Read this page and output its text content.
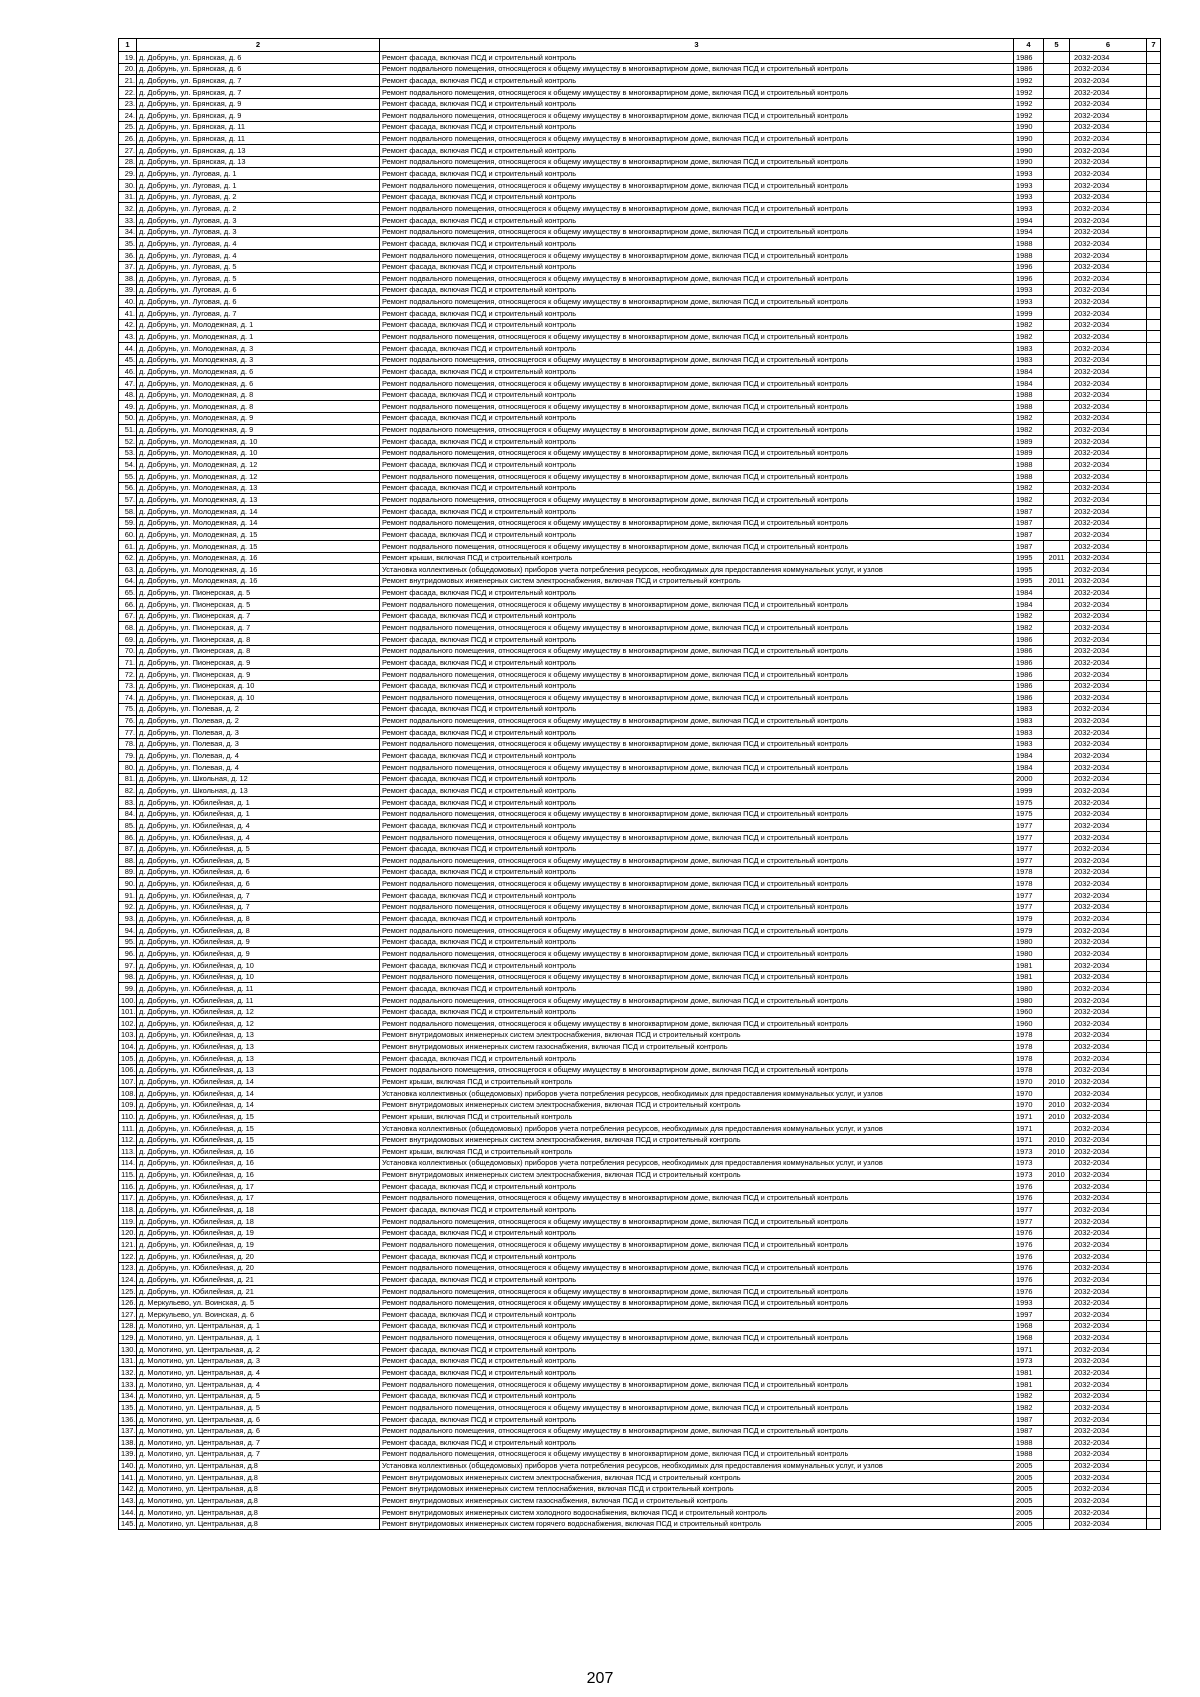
1	2	3	4	5	6	7
19.	д. Добрунь, ул. Брянская, д. 6	Ремонт фасада, включая ПСД и строительный контроль	1986		2032-2034	
20.	д. Добрунь, ул. Брянская, д. 6	Ремонт подвального помещения, относящегося к общему имуществу в многоквартирном доме, включая ПСД и строительный контроль	1986		2032-2034	
21.	д. Добрунь, ул. Брянская, д. 7	Ремонт фасада, включая ПСД и строительный контроль	1992		2032-2034	
22.	д. Добрунь, ул. Брянская, д. 7	Ремонт подвального помещения, относящегося к общему имуществу в многоквартирном доме, включая ПСД и строительный контроль	1992		2032-2034	
23.	д. Добрунь, ул. Брянская, д. 9	Ремонт фасада, включая ПСД и строительный контроль	1992		2032-2034	
24.	д. Добрунь, ул. Брянская, д. 9	Ремонт подвального помещения, относящегося к общему имуществу в многоквартирном доме, включая ПСД и строительный контроль	1992		2032-2034	
25.	д. Добрунь, ул. Брянская, д. 11	Ремонт фасада, включая ПСД и строительный контроль	1990		2032-2034	
26.	д. Добрунь, ул. Брянская, д. 11	Ремонт подвального помещения, относящегося к общему имуществу в многоквартирном доме, включая ПСД и строительный контроль	1990		2032-2034	
27.	д. Добрунь, ул. Брянская, д. 13	Ремонт фасада, включая ПСД и строительный контроль	1990		2032-2034	
28.	д. Добрунь, ул. Брянская, д. 13	Ремонт подвального помещения, относящегося к общему имуществу в многоквартирном доме, включая ПСД и строительный контроль	1990		2032-2034	
29.	д. Добрунь, ул. Луговая, д. 1	Ремонт фасада, включая ПСД и строительный контроль	1993		2032-2034	
30.	д. Добрунь, ул. Луговая, д. 1	Ремонт подвального помещения, относящегося к общему имуществу в многоквартирном доме, включая ПСД и строительный контроль	1993		2032-2034	
31.	д. Добрунь, ул. Луговая, д. 2	Ремонт фасада, включая ПСД и строительный контроль	1993		2032-2034	
32.	д. Добрунь, ул. Луговая, д. 2	Ремонт подвального помещения, относящегося к общему имуществу в многоквартирном доме, включая ПСД и строительный контроль	1993		2032-2034	
33.	д. Добрунь, ул. Луговая, д. 3	Ремонт фасада, включая ПСД и строительный контроль	1994		2032-2034	
34.	д. Добрунь, ул. Луговая, д. 3	Ремонт подвального помещения, относящегося к общему имуществу в многоквартирном доме, включая ПСД и строительный контроль	1994		2032-2034	
35.	д. Добрунь, ул. Луговая, д. 4	Ремонт фасада, включая ПСД и строительный контроль	1988		2032-2034	
36.	д. Добрунь, ул. Луговая, д. 4	Ремонт подвального помещения, относящегося к общему имуществу в многоквартирном доме, включая ПСД и строительный контроль	1988		2032-2034	
37.	д. Добрунь, ул. Луговая, д. 5	Ремонт фасада, включая ПСД и строительный контроль	1996		2032-2034	
38.	д. Добрунь, ул. Луговая, д. 5	Ремонт подвального помещения, относящегося к общему имуществу в многоквартирном доме, включая ПСД и строительный контроль	1996		2032-2034	
39.	д. Добрунь, ул. Луговая, д. 6	Ремонт фасада, включая ПСД и строительный контроль	1993		2032-2034	
40.	д. Добрунь, ул. Луговая, д. 6	Ремонт подвального помещения, относящегося к общему имуществу в многоквартирном доме, включая ПСД и строительный контроль	1993		2032-2034	
41.	д. Добрунь, ул. Луговая, д. 7	Ремонт фасада, включая ПСД и строительный контроль	1999		2032-2034	
42.	д. Добрунь, ул. Молодежная, д. 1	Ремонт фасада, включая ПСД и строительный контроль	1982		2032-2034	
43.	д. Добрунь, ул. Молодежная, д. 1	Ремонт подвального помещения, относящегося к общему имуществу в многоквартирном доме, включая ПСД и строительный контроль	1982		2032-2034	
44.	д. Добрунь, ул. Молодежная, д. 3	Ремонт фасада, включая ПСД и строительный контроль	1983		2032-2034	
45.	д. Добрунь, ул. Молодежная, д. 3	Ремонт подвального помещения, относящегося к общему имуществу в многоквартирном доме, включая ПСД и строительный контроль	1983		2032-2034	
46.	д. Добрунь, ул. Молодежная, д. 6	Ремонт фасада, включая ПСД и строительный контроль	1984		2032-2034	
47.	д. Добрунь, ул. Молодежная, д. 6	Ремонт подвального помещения, относящегося к общему имуществу в многоквартирном доме, включая ПСД и строительный контроль	1984		2032-2034	
48.	д. Добрунь, ул. Молодежная, д. 8	Ремонт фасада, включая ПСД и строительный контроль	1988		2032-2034	
49.	д. Добрунь, ул. Молодежная, д. 8	Ремонт подвального помещения, относящегося к общему имуществу в многоквартирном доме, включая ПСД и строительный контроль	1988		2032-2034	
50.	д. Добрунь, ул. Молодежная, д. 9	Ремонт фасада, включая ПСД и строительный контроль	1982		2032-2034	
51.	д. Добрунь, ул. Молодежная, д. 9	Ремонт подвального помещения, относящегося к общему имуществу в многоквартирном доме, включая ПСД и строительный контроль	1982		2032-2034	
52.	д. Добрунь, ул. Молодежная, д. 10	Ремонт фасада, включая ПСД и строительный контроль	1989		2032-2034	
53.	д. Добрунь, ул. Молодежная, д. 10	Ремонт подвального помещения, относящегося к общему имуществу в многоквартирном доме, включая ПСД и строительный контроль	1989		2032-2034	
54.	д. Добрунь, ул. Молодежная, д. 12	Ремонт фасада, включая ПСД и строительный контроль	1988		2032-2034	
55.	д. Добрунь, ул. Молодежная, д. 12	Ремонт подвального помещения, относящегося к общему имуществу в многоквартирном доме, включая ПСД и строительный контроль	1988		2032-2034	
56.	д. Добрунь, ул. Молодежная, д. 13	Ремонт фасада, включая ПСД и строительный контроль	1982		2032-2034	
57.	д. Добрунь, ул. Молодежная, д. 13	Ремонт подвального помещения, относящегося к общему имуществу в многоквартирном доме, включая ПСД и строительный контроль	1982		2032-2034	
58.	д. Добрунь, ул. Молодежная, д. 14	Ремонт фасада, включая ПСД и строительный контроль	1987		2032-2034	
59.	д. Добрунь, ул. Молодежная, д. 14	Ремонт подвального помещения, относящегося к общему имуществу в многоквартирном доме, включая ПСД и строительный контроль	1987		2032-2034	
60.	д. Добрунь, ул. Молодежная, д. 15	Ремонт фасада, включая ПСД и строительный контроль	1987		2032-2034	
61.	д. Добрунь, ул. Молодежная, д. 15	Ремонт подвального помещения, относящегося к общему имуществу в многоквартирном доме, включая ПСД и строительный контроль	1987		2032-2034	
62.	д. Добрунь, ул. Молодежная, д. 16	Ремонт крыши, включая ПСД и строительный контроль	1995	2011	2032-2034	
63.	д. Добрунь, ул. Молодежная, д. 16	Установка коллективных (общедомовых) приборов учета потребления ресурсов, необходимых для предоставления коммунальных услуг, и узлов	1995		2032-2034	
64.	д. Добрунь, ул. Молодежная, д. 16	Ремонт внутридомовых инженерных систем электроснабжения, включая ПСД и строительный контроль	1995	2011	2032-2034	
65.	д. Добрунь, ул. Пионерская, д. 5	Ремонт фасада, включая ПСД и строительный контроль	1984		2032-2034	
66.	д. Добрунь, ул. Пионерская, д. 5	Ремонт подвального помещения, относящегося к общему имуществу в многоквартирном доме, включая ПСД и строительный контроль	1984		2032-2034	
67.	д. Добрунь, ул. Пионерская, д. 7	Ремонт фасада, включая ПСД и строительный контроль	1982		2032-2034	
68.	д. Добрунь, ул. Пионерская, д. 7	Ремонт подвального помещения, относящегося к общему имуществу в многоквартирном доме, включая ПСД и строительный контроль	1982		2032-2034	
69.	д. Добрунь, ул. Пионерская, д. 8	Ремонт фасада, включая ПСД и строительный контроль	1986		2032-2034	
70.	д. Добрунь, ул. Пионерская, д. 8	Ремонт подвального помещения, относящегося к общему имуществу в многоквартирном доме, включая ПСД и строительный контроль	1986		2032-2034	
71.	д. Добрунь, ул. Пионерская, д. 9	Ремонт фасада, включая ПСД и строительный контроль	1986		2032-2034	
72.	д. Добрунь, ул. Пионерская, д. 9	Ремонт подвального помещения, относящегося к общему имуществу в многоквартирном доме, включая ПСД и строительный контроль	1986		2032-2034	
73.	д. Добрунь, ул. Пионерская, д. 10	Ремонт фасада, включая ПСД и строительный контроль	1986		2032-2034	
74.	д. Добрунь, ул. Пионерская, д. 10	Ремонт подвального помещения, относящегося к общему имуществу в многоквартирном доме, включая ПСД и строительный контроль	1986		2032-2034	
75.	д. Добрунь, ул. Полевая, д. 2	Ремонт фасада, включая ПСД и строительный контроль	1983		2032-2034	
76.	д. Добрунь, ул. Полевая, д. 2	Ремонт подвального помещения, относящегося к общему имуществу в многоквартирном доме, включая ПСД и строительный контроль	1983		2032-2034	
77.	д. Добрунь, ул. Полевая, д. 3	Ремонт фасада, включая ПСД и строительный контроль	1983		2032-2034	
78.	д. Добрунь, ул. Полевая, д. 3	Ремонт подвального помещения, относящегося к общему имуществу в многоквартирном доме, включая ПСД и строительный контроль	1983		2032-2034	
79.	д. Добрунь, ул. Полевая, д. 4	Ремонт фасада, включая ПСД и строительный контроль	1984		2032-2034	
80.	д. Добрунь, ул. Полевая, д. 4	Ремонт подвального помещения, относящегося к общему имуществу в многоквартирном доме, включая ПСД и строительный контроль	1984		2032-2034	
81.	д. Добрунь, ул. Школьная, д. 12	Ремонт фасада, включая ПСД и строительный контроль	2000		2032-2034	
82.	д. Добрунь, ул. Школьная, д. 13	Ремонт фасада, включая ПСД и строительный контроль	1999		2032-2034	
83.	д. Добрунь, ул. Юбилейная, д. 1	Ремонт фасада, включая ПСД и строительный контроль	1975		2032-2034	
84.	д. Добрунь, ул. Юбилейная, д. 1	Ремонт подвального помещения, относящегося к общему имуществу в многоквартирном доме, включая ПСД и строительный контроль	1975		2032-2034	
85.	д. Добрунь, ул. Юбилейная, д. 4	Ремонт фасада, включая ПСД и строительный контроль	1977		2032-2034	
86.	д. Добрунь, ул. Юбилейная, д. 4	Ремонт подвального помещения, относящегося к общему имуществу в многоквартирном доме, включая ПСД и строительный контроль	1977		2032-2034	
87.	д. Добрунь, ул. Юбилейная, д. 5	Ремонт фасада, включая ПСД и строительный контроль	1977		2032-2034	
88.	д. Добрунь, ул. Юбилейная, д. 5	Ремонт подвального помещения, относящегося к общему имуществу в многоквартирном доме, включая ПСД и строительный контроль	1977		2032-2034	
89.	д. Добрунь, ул. Юбилейная, д. 6	Ремонт фасада, включая ПСД и строительный контроль	1978		2032-2034	
90.	д. Добрунь, ул. Юбилейная, д. 6	Ремонт подвального помещения, относящегося к общему имуществу в многоквартирном доме, включая ПСД и строительный контроль	1978		2032-2034	
91.	д. Добрунь, ул. Юбилейная, д. 7	Ремонт фасада, включая ПСД и строительный контроль	1977		2032-2034	
92.	д. Добрунь, ул. Юбилейная, д. 7	Ремонт подвального помещения, относящегося к общему имуществу в многоквартирном доме, включая ПСД и строительный контроль	1977		2032-2034	
93.	д. Добрунь, ул. Юбилейная, д. 8	Ремонт фасада, включая ПСД и строительный контроль	1979		2032-2034	
94.	д. Добрунь, ул. Юбилейная, д. 8	Ремонт подвального помещения, относящегося к общему имуществу в многоквартирном доме, включая ПСД и строительный контроль	1979		2032-2034	
95.	д. Добрунь, ул. Юбилейная, д. 9	Ремонт фасада, включая ПСД и строительный контроль	1980		2032-2034	
96.	д. Добрунь, ул. Юбилейная, д. 9	Ремонт подвального помещения, относящегося к общему имуществу в многоквартирном доме, включая ПСД и строительный контроль	1980		2032-2034	
97.	д. Добрунь, ул. Юбилейная, д. 10	Ремонт фасада, включая ПСД и строительный контроль	1981		2032-2034	
98.	д. Добрунь, ул. Юбилейная, д. 10	Ремонт подвального помещения, относящегося к общему имуществу в многоквартирном доме, включая ПСД и строительный контроль	1981		2032-2034	
99.	д. Добрунь, ул. Юбилейная, д. 11	Ремонт фасада, включая ПСД и строительный контроль	1980		2032-2034	
100.	д. Добрунь, ул. Юбилейная, д. 11	Ремонт подвального помещения, относящегося к общему имуществу в многоквартирном доме, включая ПСД и строительный контроль	1980		2032-2034	
101.	д. Добрунь, ул. Юбилейная, д. 12	Ремонт фасада, включая ПСД и строительный контроль	1960		2032-2034	
102.	д. Добрунь, ул. Юбилейная, д. 12	Ремонт подвального помещения, относящегося к общему имуществу в многоквартирном доме, включая ПСД и строительный контроль	1960		2032-2034	
103.	д. Добрунь, ул. Юбилейная, д. 13	Ремонт внутридомовых инженерных систем электроснабжения, включая ПСД и строительный контроль	1978		2032-2034	
104.	д. Добрунь, ул. Юбилейная, д. 13	Ремонт внутридомовых инженерных систем газоснабжения, включая ПСД и строительный контроль	1978		2032-2034	
105.	д. Добрунь, ул. Юбилейная, д. 13	Ремонт фасада, включая ПСД и строительный контроль	1978		2032-2034	
106.	д. Добрунь, ул. Юбилейная, д. 13	Ремонт подвального помещения, относящегося к общему имуществу в многоквартирном доме, включая ПСД и строительный контроль	1978		2032-2034	
107.	д. Добрунь, ул. Юбилейная, д. 14	Ремонт крыши, включая ПСД и строительный контроль	1970	2010	2032-2034	
108.	д. Добрунь, ул. Юбилейная, д. 14	Установка коллективных (общедомовых) приборов учета потребления ресурсов, необходимых для предоставления коммунальных услуг, и узлов	1970		2032-2034	
109.	д. Добрунь, ул. Юбилейная, д. 14	Ремонт внутридомовых инженерных систем электроснабжения, включая ПСД и строительный контроль	1970	2010	2032-2034	
110.	д. Добрунь, ул. Юбилейная, д. 15	Ремонт крыши, включая ПСД и строительный контроль	1971	2010	2032-2034	
111.	д. Добрунь, ул. Юбилейная, д. 15	Установка коллективных (общедомовых) приборов учета потребления ресурсов, необходимых для предоставления коммунальных услуг, и узлов	1971		2032-2034	
112.	д. Добрунь, ул. Юбилейная, д. 15	Ремонт внутридомовых инженерных систем электроснабжения, включая ПСД и строительный контроль	1971	2010	2032-2034	
113.	д. Добрунь, ул. Юбилейная, д. 16	Ремонт крыши, включая ПСД и строительный контроль	1973	2010	2032-2034	
114.	д. Добрунь, ул. Юбилейная, д. 16	Установка коллективных (общедомовых) приборов учета потребления ресурсов, необходимых для предоставления коммунальных услуг, и узлов	1973		2032-2034	
115.	д. Добрунь, ул. Юбилейная, д. 16	Ремонт внутридомовых инженерных систем электроснабжения, включая ПСД и строительный контроль	1973	2010	2032-2034	
116.	д. Добрунь, ул. Юбилейная, д. 17	Ремонт фасада, включая ПСД и строительный контроль	1976		2032-2034	
117.	д. Добрунь, ул. Юбилейная, д. 17	Ремонт подвального помещения, относящегося к общему имуществу в многоквартирном доме, включая ПСД и строительный контроль	1976		2032-2034	
118.	д. Добрунь, ул. Юбилейная, д. 18	Ремонт фасада, включая ПСД и строительный контроль	1977		2032-2034	
119.	д. Добрунь, ул. Юбилейная, д. 18	Ремонт подвального помещения, относящегося к общему имуществу в многоквартирном доме, включая ПСД и строительный контроль	1977		2032-2034	
120.	д. Добрунь, ул. Юбилейная, д. 19	Ремонт фасада, включая ПСД и строительный контроль	1976		2032-2034	
121.	д. Добрунь, ул. Юбилейная, д. 19	Ремонт подвального помещения, относящегося к общему имуществу в многоквартирном доме, включая ПСД и строительный контроль	1976		2032-2034	
122.	д. Добрунь, ул. Юбилейная, д. 20	Ремонт фасада, включая ПСД и строительный контроль	1976		2032-2034	
123.	д. Добрунь, ул. Юбилейная, д. 20	Ремонт подвального помещения, относящегося к общему имуществу в многоквартирном доме, включая ПСД и строительный контроль	1976		2032-2034	
124.	д. Добрунь, ул. Юбилейная, д. 21	Ремонт фасада, включая ПСД и строительный контроль	1976		2032-2034	
125.	д. Добрунь, ул. Юбилейная, д. 21	Ремонт подвального помещения, относящегося к общему имуществу в многоквартирном доме, включая ПСД и строительный контроль	1976		2032-2034	
126.	д. Меркульево, ул. Воинская, д. 5	Ремонт подвального помещения, относящегося к общему имуществу в многоквартирном доме, включая ПСД и строительный контроль	1993		2032-2034	
127.	д. Меркульево, ул. Воинская, д. 6	Ремонт фасада, включая ПСД и строительный контроль	1997		2032-2034	
128.	д. Молотино, ул. Центральная, д. 1	Ремонт фасада, включая ПСД и строительный контроль	1968		2032-2034	
129.	д. Молотино, ул. Центральная, д. 1	Ремонт подвального помещения, относящегося к общему имуществу в многоквартирном доме, включая ПСД и строительный контроль	1968		2032-2034	
130.	д. Молотино, ул. Центральная, д. 2	Ремонт фасада, включая ПСД и строительный контроль	1971		2032-2034	
131.	д. Молотино, ул. Центральная, д. 3	Ремонт фасада, включая ПСД и строительный контроль	1973		2032-2034	
132.	д. Молотино, ул. Центральная, д. 4	Ремонт фасада, включая ПСД и строительный контроль	1981		2032-2034	
133.	д. Молотино, ул. Центральная, д. 4	Ремонт подвального помещения, относящегося к общему имуществу в многоквартирном доме, включая ПСД и строительный контроль	1981		2032-2034	
134.	д. Молотино, ул. Центральная, д. 5	Ремонт фасада, включая ПСД и строительный контроль	1982		2032-2034	
135.	д. Молотино, ул. Центральная, д. 5	Ремонт подвального помещения, относящегося к общему имуществу в многоквартирном доме, включая ПСД и строительный контроль	1982		2032-2034	
136.	д. Молотино, ул. Центральная, д. 6	Ремонт фасада, включая ПСД и строительный контроль	1987		2032-2034	
137.	д. Молотино, ул. Центральная, д. 6	Ремонт подвального помещения, относящегося к общему имуществу в многоквартирном доме, включая ПСД и строительный контроль	1987		2032-2034	
138.	д. Молотино, ул. Центральная, д. 7	Ремонт фасада, включая ПСД и строительный контроль	1988		2032-2034	
139.	д. Молотино, ул. Центральная, д. 7	Ремонт подвального помещения, относящегося к общему имуществу в многоквартирном доме, включая ПСД и строительный контроль	1988		2032-2034	
140.	д. Молотино, ул. Центральная, д.8	Установка коллективных (общедомовых) приборов учета потребления ресурсов, необходимых для предоставления коммунальных услуг, и узлов	2005		2032-2034	
141.	д. Молотино, ул. Центральная, д.8	Ремонт внутридомовых инженерных систем электроснабжения, включая ПСД и строительный контроль	2005		2032-2034	
142.	д. Молотино, ул. Центральная, д.8	Ремонт внутридомовых инженерных систем теплоснабжения, включая ПСД и строительный контроль	2005		2032-2034	
143.	д. Молотино, ул. Центральная, д.8	Ремонт внутридомовых инженерных систем газоснабжения, включая ПСД и строительный контроль	2005		2032-2034	
144.	д. Молотино, ул. Центральная, д.8	Ремонт внутридомовых инженерных систем холодного водоснабжения, включая ПСД и строительный контроль	2005		2032-2034	
145.	д. Молотино, ул. Центральная, д.8	Ремонт внутридомовых инженерных систем горячего водоснабжения, включая ПСД и строительный контроль	2005		2032-2034	
207
